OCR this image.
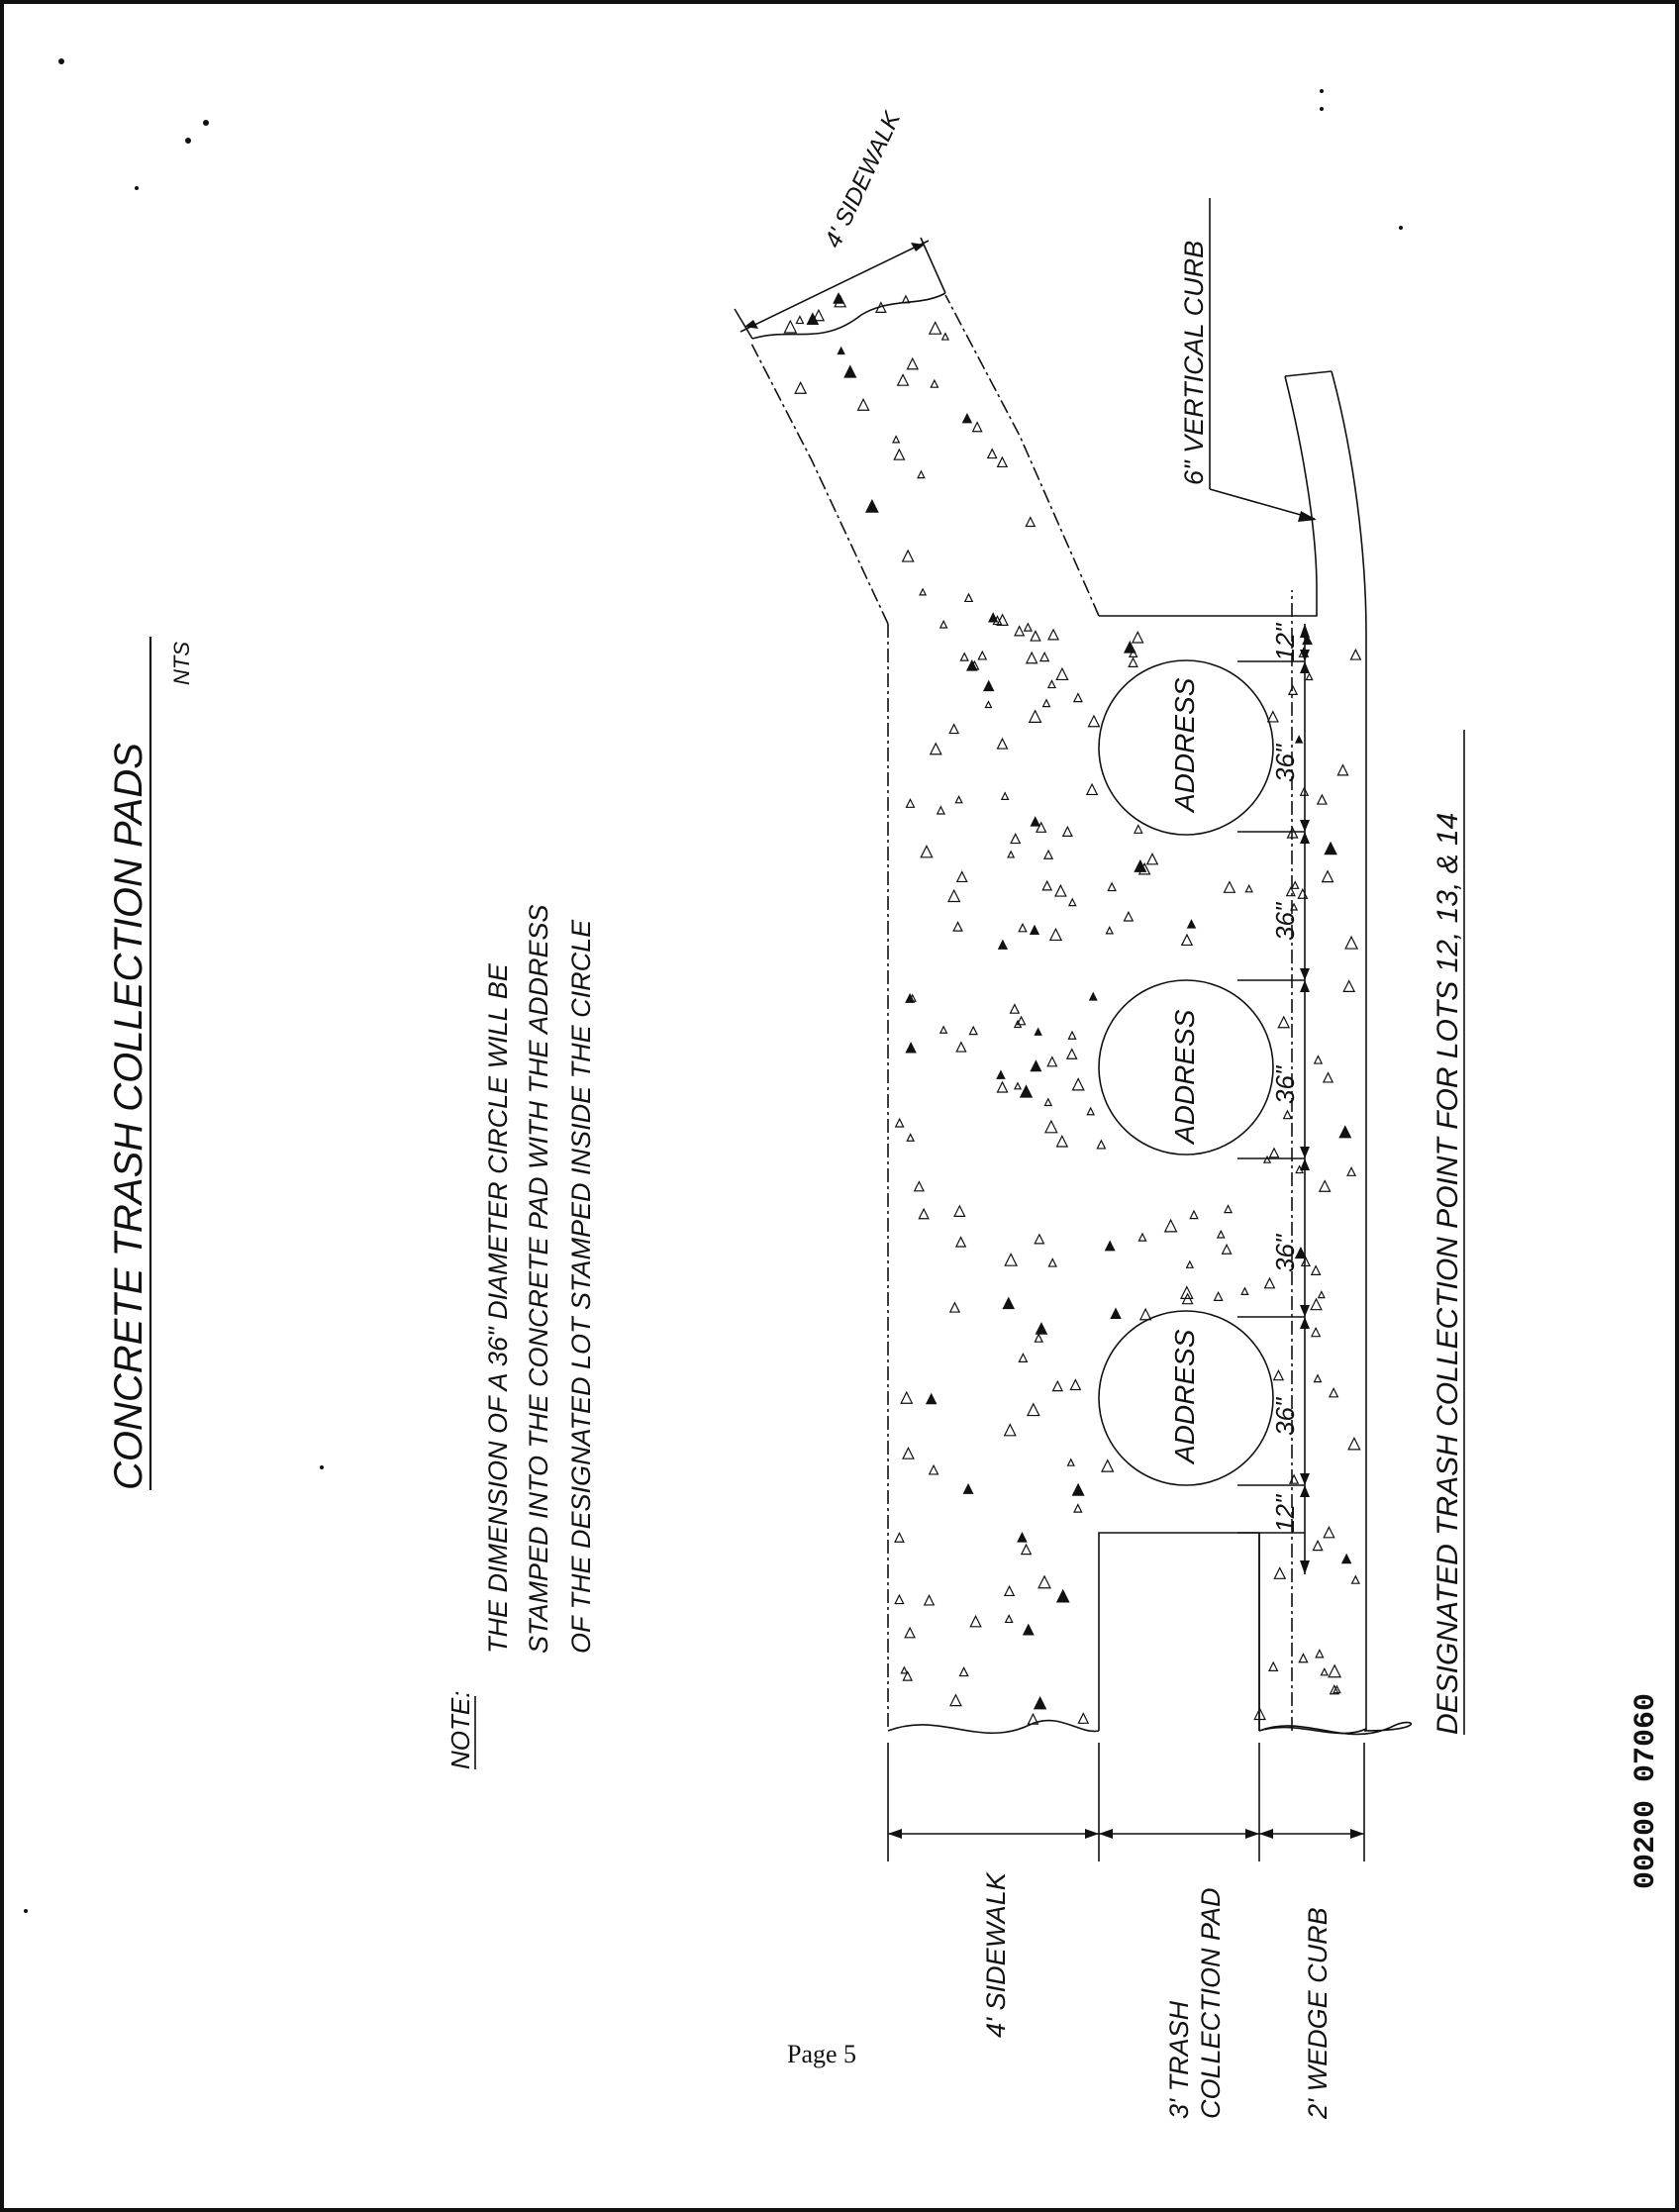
CONCRETE TRASH COLLECTION PADS
NTS
NOTE:
THE DIMENSION OF A 36" DIAMETER CIRCLE WILL BE STAMPED INTO THE CONCRETE PAD WITH THE ADDRESS OF THE DESIGNATED LOT STAMPED INSIDE THE CIRCLE
ADDRESS
ADDRESS
ADDRESS
12"
36"
36"
36"
36"
36"
12"
4' SIDEWALK
6" VERTICAL CURB
4' SIDEWALK
3' TRASH COLLECTION PAD	2' WEDGE CURB
DESIGNATED TRASH COLLECTION POINT FOR LOTS 12, 13, & 14
00200 07060
Page 5
